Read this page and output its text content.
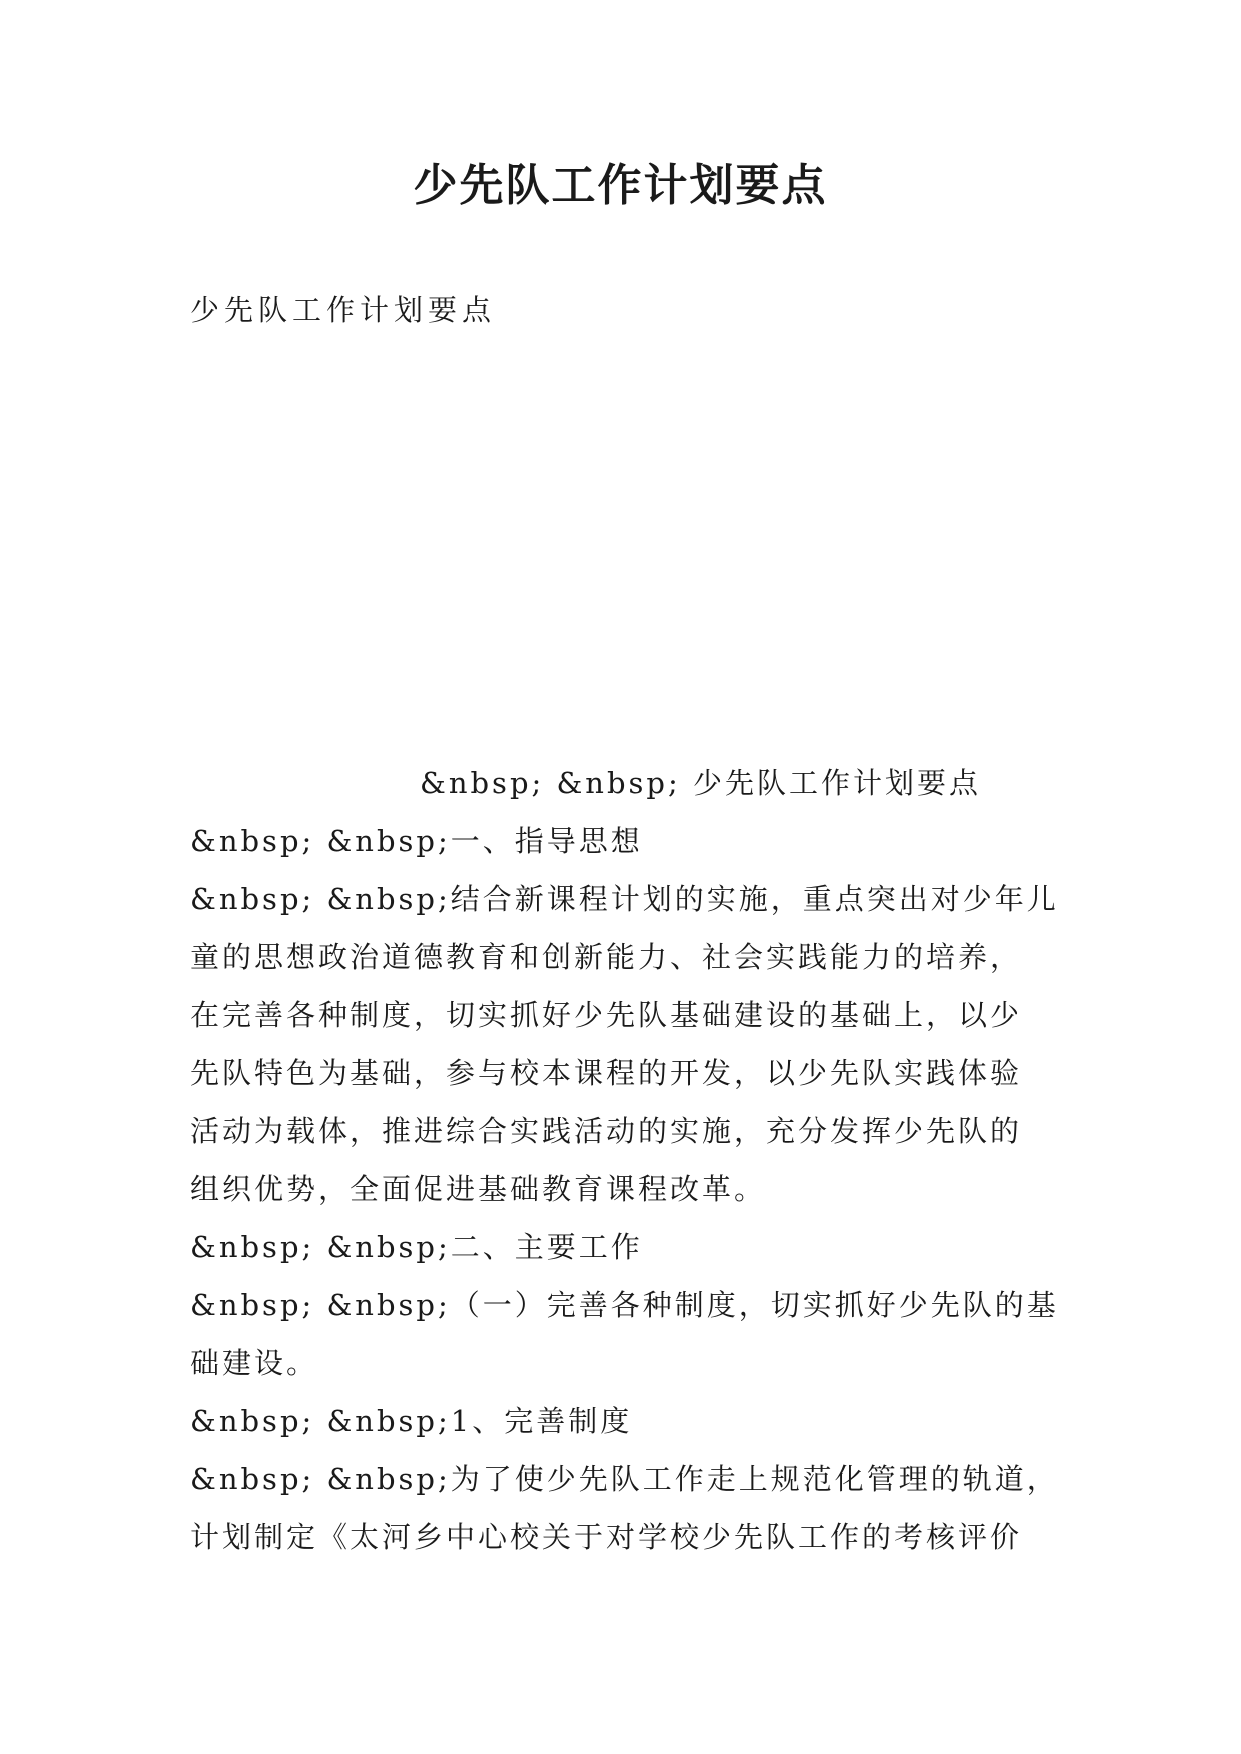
少先队工作计划要点
少先队工作计划要点
&nbsp; &nbsp; 少先队工作计划要点
&nbsp; &nbsp;一、指导思想
&nbsp; &nbsp;结合新课程计划的实施，重点突出对少年儿
童的思想政治道德教育和创新能力、社会实践能力的培养，
在完善各种制度，切实抓好少先队基础建设的基础上，以少
先队特色为基础，参与校本课程的开发，以少先队实践体验
活动为载体，推进综合实践活动的实施，充分发挥少先队的
组织优势，全面促进基础教育课程改革。
&nbsp; &nbsp;二、主要工作
&nbsp; &nbsp;（一）完善各种制度，切实抓好少先队的基
础建设。
&nbsp; &nbsp;1、完善制度
&nbsp; &nbsp;为了使少先队工作走上规范化管理的轨道，
计划制定《太河乡中心校关于对学校少先队工作的考核评价
